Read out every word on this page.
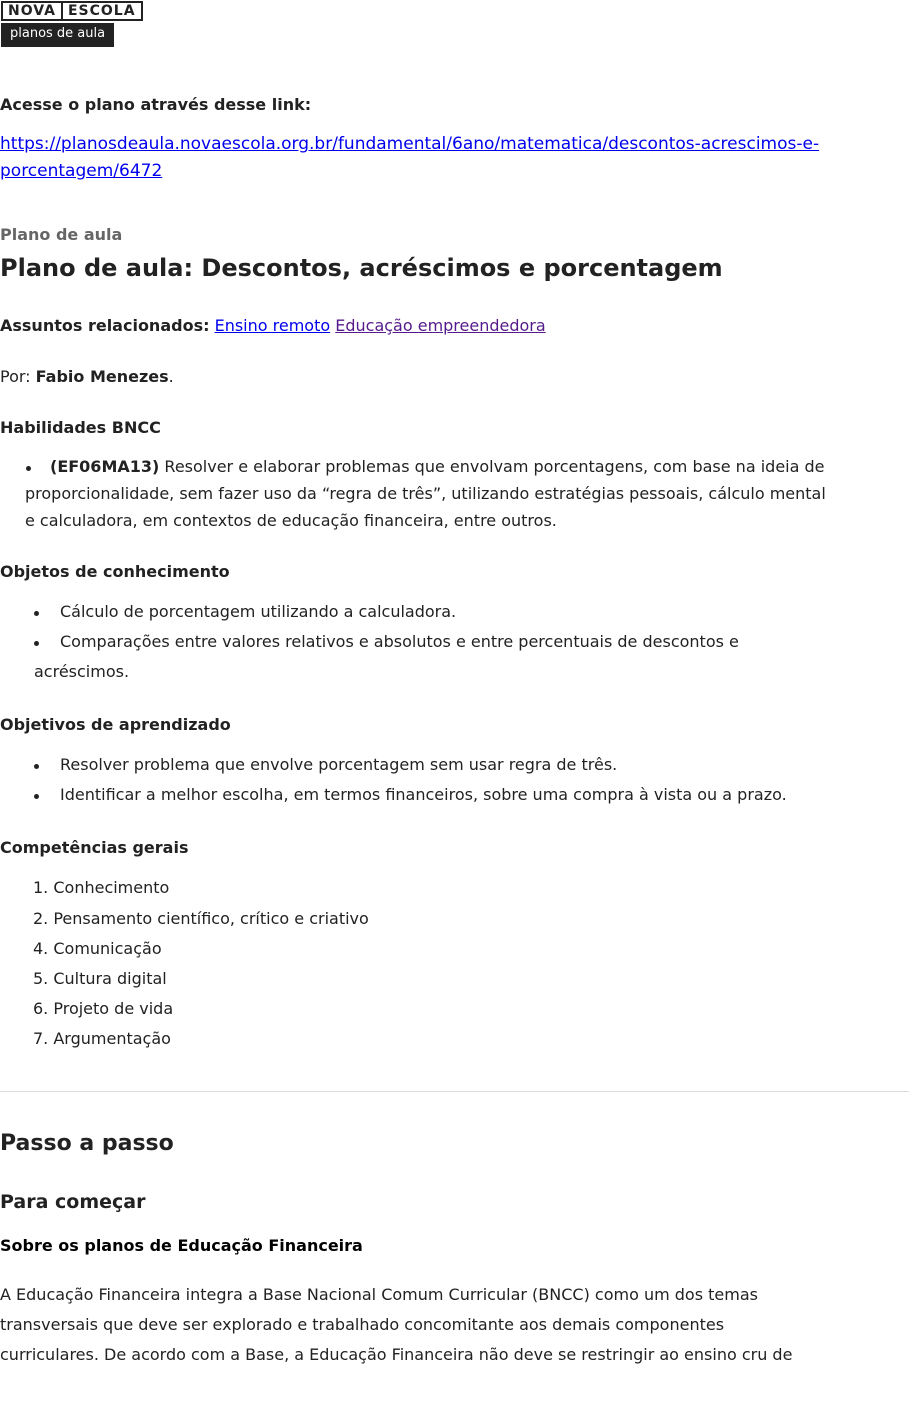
NOVA ESCOLA
planos de aula
Acesse o plano através desse link:
https://planosdeaula.novaescola.org.br/fundamental/6ano/matematica/descontos-acrescimos-e-
porcentagem/6472
Plano de aula
Plano de aula: Descontos, acréscimos e porcentagem
Assuntos relacionados: Ensino remoto Educação empreendedora
Por: Fabio Menezes.
Habilidades BNCC
(EF06MA13) Resolver e elaborar problemas que envolvam porcentagens, com base na ideia de
proporcionalidade, sem fazer uso da “regra de três”, utilizando estratégias pessoais, cálculo mental
e calculadora, em contextos de educação financeira, entre outros.
Objetos de conhecimento
Cálculo de porcentagem utilizando a calculadora.
Comparações entre valores relativos e absolutos e entre percentuais de descontos e
acréscimos.
Objetivos de aprendizado
Resolver problema que envolve porcentagem sem usar regra de três.
Identificar a melhor escolha, em termos financeiros, sobre uma compra à vista ou a prazo.
Competências gerais
1. Conhecimento
2. Pensamento científico, crítico e criativo
4. Comunicação
5. Cultura digital
6. Projeto de vida
7. Argumentação
Passo a passo
Para começar
Sobre os planos de Educação Financeira
A Educação Financeira integra a Base Nacional Comum Curricular (BNCC) como um dos temas
transversais que deve ser explorado e trabalhado concomitante aos demais componentes
curriculares. De acordo com a Base, a Educação Financeira não deve se restringir ao ensino cru de
